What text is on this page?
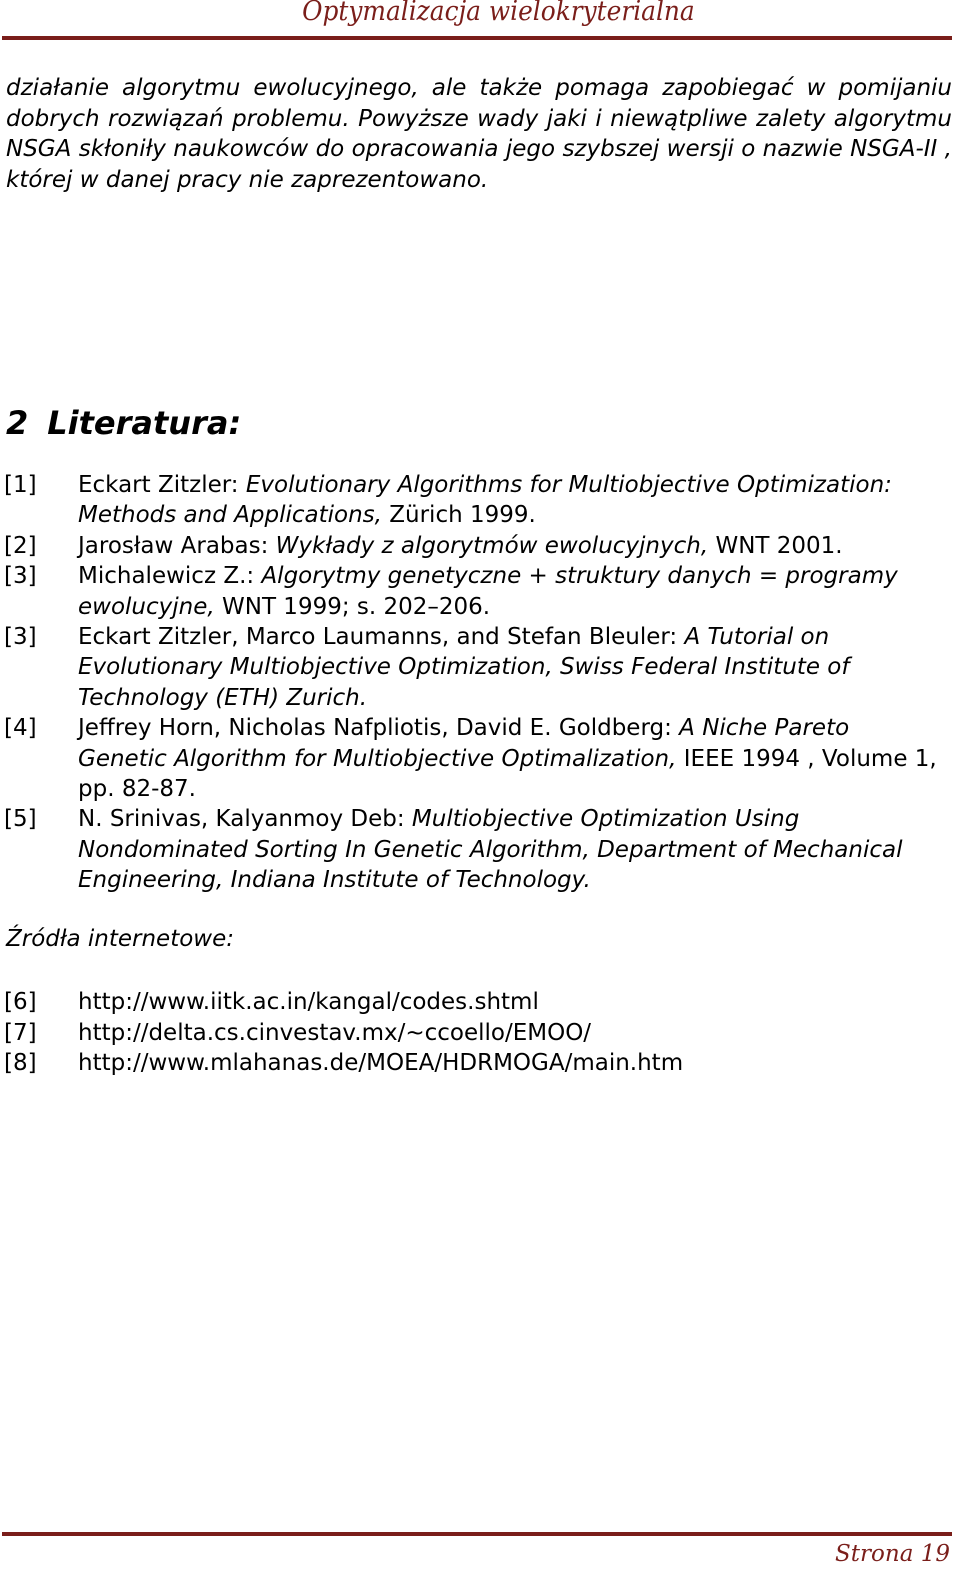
Optymalizacja wielokryterialna

działanie algorytmu ewolucyjnego, ale także pomaga zapobiegać w pomijaniu dobrych rozwiązań problemu. Powyższe wady jaki i niewątpliwe zalety algorytmu NSGA skłoniły naukowców do opracowania jego szybszej wersji o nazwie NSGA-II , której w danej pracy nie zaprezentowano.

2 Literatura:
[1]	Eckart Zitzler: Evolutionary Algorithms for Multiobjective Optimization: Methods and Applications, Zürich 1999.
[2]	Jarosław Arabas: Wykłady z algorytmów ewolucyjnych, WNT 2001.
[3]	Michalewicz Z.: Algorytmy genetyczne + struktury danych = programy ewolucyjne, WNT 1999; s. 202–206.
[3]	Eckart Zitzler, Marco Laumanns, and Stefan Bleuler: A Tutorial on Evolutionary Multiobjective Optimization, Swiss Federal Institute of Technology (ETH) Zurich.
[4]	Jeffrey Horn, Nicholas Nafpliotis, David E. Goldberg: A Niche Pareto Genetic Algorithm for Multiobjective Optimalization, IEEE 1994 , Volume 1, pp. 82-87.
[5]	N. Srinivas, Kalyanmoy Deb: Multiobjective Optimization Using Nondominated Sorting In Genetic Algorithm, Department of Mechanical Engineering, Indiana Institute of Technology.

Źródła internetowe:

[6]	http://www.iitk.ac.in/kangal/codes.shtml
[7]	http://delta.cs.cinvestav.mx/~ccoello/EMOO/
[8]	http://www.mlahanas.de/MOEA/HDRMOGA/main.htm
Strona 19
